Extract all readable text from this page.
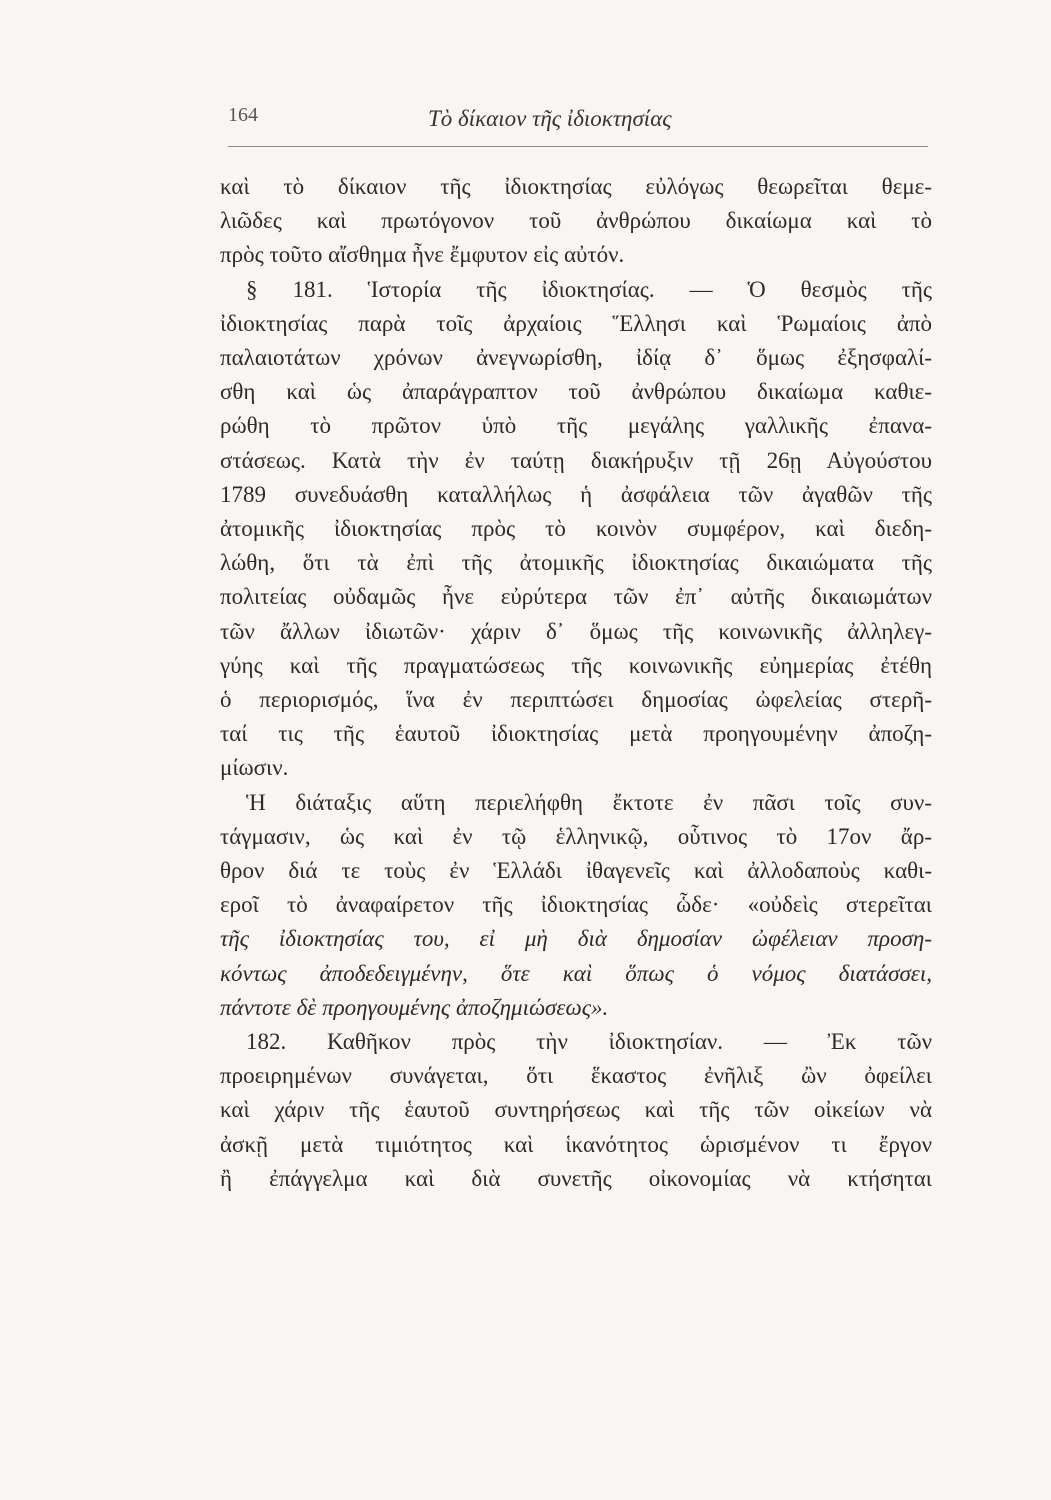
164	Τὸ δίκαιον τῆς ἰδιοκτησίας
καὶ τὸ δίκαιον τῆς ἰδιοκτησίας εὐλόγως θεωρεῖται θεμε-
λιῶδες καὶ πρωτόγονον τοῦ ἀνθρώπου δικαίωμα καὶ τὸ
πρὸς τοῦτο αἴσθημα ἦνε ἔμφυτον εἰς αὐτόν.
§ 181. Ἱστορία τῆς ἰδιοκτησίας. — Ὁ θεσμὸς τῆς
ἰδιοκτησίας παρὰ τοῖς ἀρχαίοις Ἕλλησι καὶ Ῥωμαίοις ἀπὸ
παλαιοτάτων χρόνων ἀνεγνωρίσθη, ἰδίᾳ δ᾽ ὅμως ἐξησφαλί-
σθη καὶ ὡς ἀπαράγραπτον τοῦ ἀνθρώπου δικαίωμα καθιε-
ρώθη τὸ πρῶτον ὑπὸ τῆς μεγάλης γαλλικῆς ἐπανα-
στάσεως. Κατὰ τὴν ἐν ταύτῃ διακήρυξιν τῇ 26ῃ Αὐγούστου
1789 συνεδυάσθη καταλλήλως ἡ ἀσφάλεια τῶν ἀγαθῶν τῆς
ἀτομικῆς ἰδιοκτησίας πρὸς τὸ κοινὸν συμφέρον, καὶ διεδη-
λώθη, ὅτι τὰ ἐπὶ τῆς ἀτομικῆς ἰδιοκτησίας δικαιώματα τῆς
πολιτείας οὐδαμῶς ἦνε εὐρύτερα τῶν ἐπ᾽ αὐτῆς δικαιωμάτων
τῶν ἄλλων ἰδιωτῶν· χάριν δ᾽ ὅμως τῆς κοινωνικῆς ἀλληλεγ-
γύης καὶ τῆς πραγματώσεως τῆς κοινωνικῆς εὐημερίας ἐτέθη
ὁ περιορισμός, ἵνα ἐν περιπτώσει δημοσίας ὠφελείας στερῆ-
ταί τις τῆς ἑαυτοῦ ἰδιοκτησίας μετὰ προηγουμένην ἀποζη-
μίωσιν.
Ἡ διάταξις αὕτη περιελήφθη ἔκτοτε ἐν πᾶσι τοῖς συν-
τάγμασιν, ὡς καὶ ἐν τῷ ἑλληνικῷ, οὗτινος τὸ 17ον ἄρ-
θρον διά τε τοὺς ἐν Ἑλλάδι ἰθαγενεῖς καὶ ἀλλοδαποὺς καθι-
εροῖ τὸ ἀναφαίρετον τῆς ἰδιοκτησίας ὧδε· «οὐδεὶς στερεῖται
τῆς ἰδιοκτησίας του, εἰ μὴ διὰ δημοσίαν ὠφέλειαν προση-
κόντως ἀποδεδειγμένην, ὅτε καὶ ὅπως ὁ νόμος διατάσσει,
πάντοτε δὲ προηγουμένης ἀποζημιώσεως».
182. Καθῆκον πρὸς τὴν ἰδιοκτησίαν. — Ἐκ τῶν
προειρημένων συνάγεται, ὅτι ἕκαστος ἐνῆλιξ ὢν ὀφείλει
καὶ χάριν τῆς ἑαυτοῦ συντηρήσεως καὶ τῆς τῶν οἰκείων νὰ
ἀσκῇ μετὰ τιμιότητος καὶ ἱκανότητος ὡρισμένον τι ἔργον
ἢ ἐπάγγελμα καὶ διὰ συνετῆς οἰκονομίας νὰ κτήσηται
